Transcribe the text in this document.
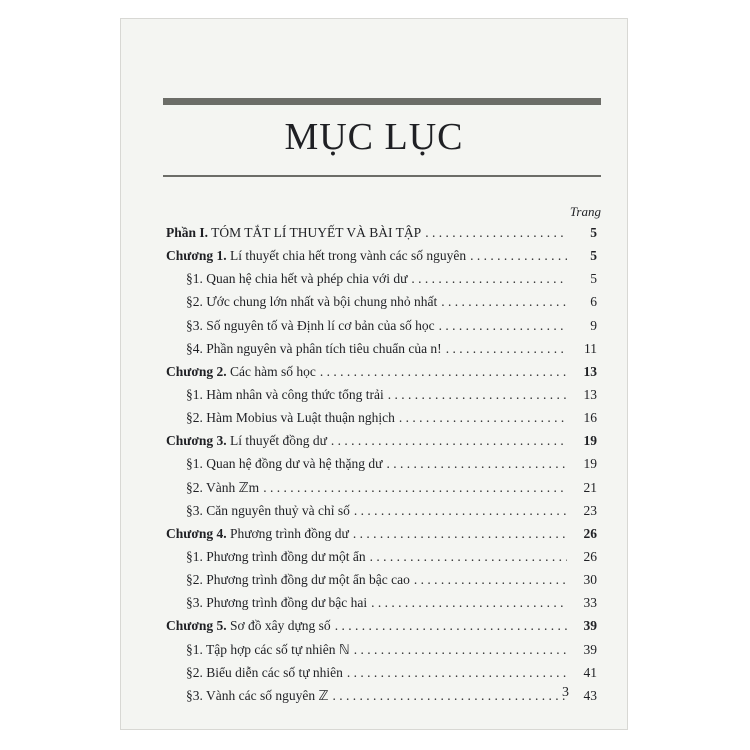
MỤC LỤC
Trang
Phần I. TÓM TẮT LÍ THUYẾT VÀ BÀI TẬP . . .	5
Chương 1. Lí thuyết chia hết trong vành các số nguyên . . .	5
§1. Quan hệ chia hết và phép chia với dư . . .	5
§2. Ước chung lớn nhất và bội chung nhỏ nhất . . .	6
§3. Số nguyên tố và Định lí cơ bản của số học . . .	9
§4. Phần nguyên và phân tích tiêu chuẩn của n! . . .	11
Chương 2. Các hàm số học . . .	13
§1. Hàm nhân và công thức tổng trải . . .	13
§2. Hàm Mobius và Luật thuận nghịch . . .	16
Chương 3. Lí thuyết đồng dư . . .	19
§1. Quan hệ đồng dư và hệ thặng dư . . .	19
§2. Vành ℤm . . .	21
§3. Căn nguyên thuỷ và chỉ số . . .	23
Chương 4. Phương trình đồng dư . . .	26
§1. Phương trình đồng dư một ẩn . . .	26
§2. Phương trình đồng dư một ẩn bậc cao . . .	30
§3. Phương trình đồng dư bậc hai . . .	33
Chương 5. Sơ đồ xây dựng số . . .	39
§1. Tập hợp các số tự nhiên ℕ . . .	39
§2. Biểu diễn các số tự nhiên . . .	41
§3. Vành các số nguyên ℤ . . .	43
3
